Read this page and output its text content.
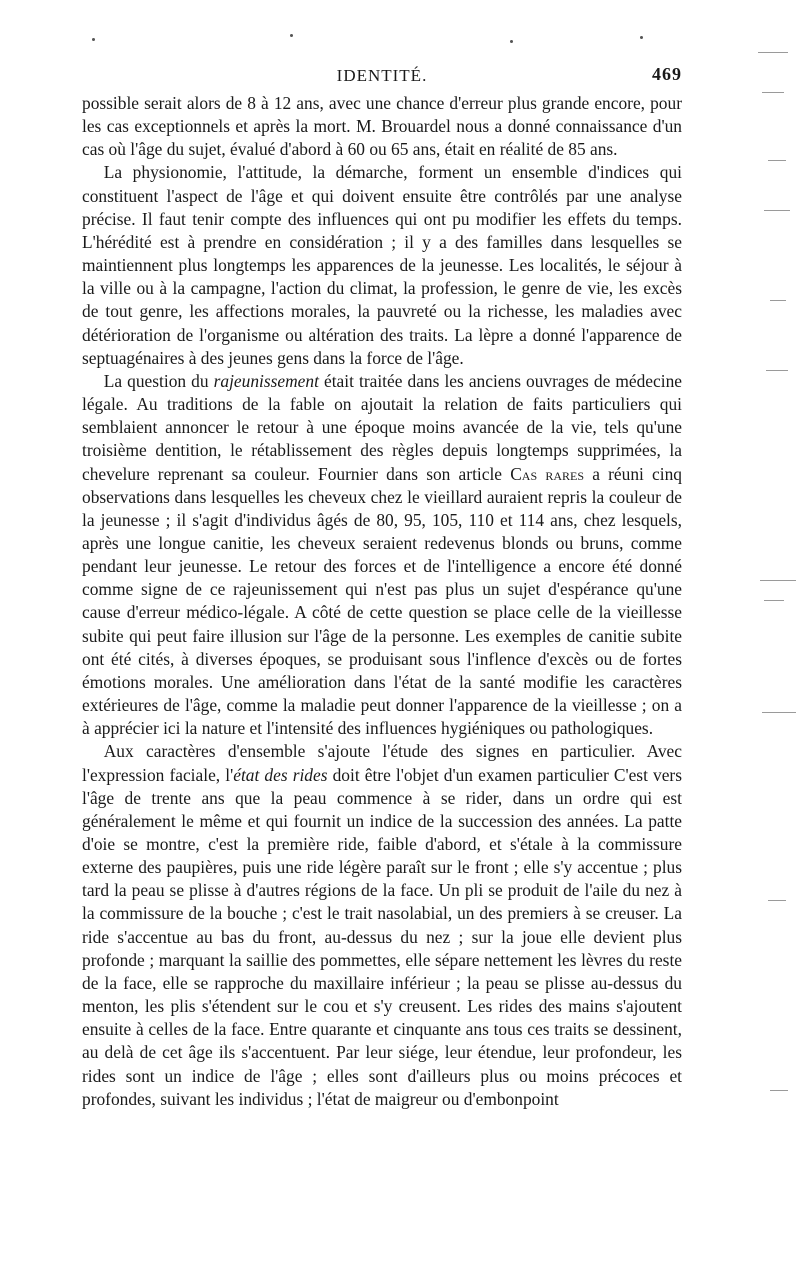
IDENTITÉ.	469

possible serait alors de 8 à 12 ans, avec une chance d'erreur plus grande encore, pour les cas exceptionnels et après la mort. M. Brouardel nous a donné connaissance d'un cas où l'âge du sujet, évalué d'abord à 60 ou 65 ans, était en réalité de 85 ans.

La physionomie, l'attitude, la démarche, forment un ensemble d'indices qui constituent l'aspect de l'âge et qui doivent ensuite être contrôlés par une analyse précise. Il faut tenir compte des influences qui ont pu modifier les effets du temps. L'hérédité est à prendre en considération ; il y a des familles dans lesquelles se maintiennent plus longtemps les apparences de la jeunesse. Les localités, le séjour à la ville ou à la campagne, l'action du climat, la profession, le genre de vie, les excès de tout genre, les affections morales, la pauvreté ou la richesse, les maladies avec détérioration de l'organisme ou altération des traits. La lèpre a donné l'apparence de septuagénaires à des jeunes gens dans la force de l'âge.

La question du rajeunissement était traitée dans les anciens ouvrages de médecine légale. Au traditions de la fable on ajoutait la relation de faits particuliers qui semblaient annoncer le retour à une époque moins avancée de la vie, tels qu'une troisième dentition, le rétablissement des règles depuis longtemps supprimées, la chevelure reprenant sa couleur. Fournier dans son article Cas rares a réuni cinq observations dans lesquelles les cheveux chez le vieillard auraient repris la couleur de la jeunesse ; il s'agit d'individus âgés de 80, 95, 105, 110 et 114 ans, chez lesquels, après une longue canitie, les cheveux seraient redevenus blonds ou bruns, comme pendant leur jeunesse. Le retour des forces et de l'intelligence a encore été donné comme signe de ce rajeunissement qui n'est pas plus un sujet d'espérance qu'une cause d'erreur médico-légale. A côté de cette question se place celle de la vieillesse subite qui peut faire illusion sur l'âge de la personne. Les exemples de canitie subite ont été cités, à diverses époques, se produisant sous l'inflence d'excès ou de fortes émotions morales. Une amélioration dans l'état de la santé modifie les caractères extérieures de l'âge, comme la maladie peut donner l'apparence de la vieillesse ; on a à apprécier ici la nature et l'intensité des influences hygiéniques ou pathologiques.

Aux caractères d'ensemble s'ajoute l'étude des signes en particulier. Avec l'expression faciale, l'état des rides doit être l'objet d'un examen particulier C'est vers l'âge de trente ans que la peau commence à se rider, dans un ordre qui est généralement le même et qui fournit un indice de la succession des années. La patte d'oie se montre, c'est la première ride, faible d'abord, et s'étale à la commissure externe des paupières, puis une ride légère paraît sur le front ; elle s'y accentue ; plus tard la peau se plisse à d'autres régions de la face. Un pli se produit de l'aile du nez à la commissure de la bouche ; c'est le trait nasolabial, un des premiers à se creuser. La ride s'accentue au bas du front, au-dessus du nez ; sur la joue elle devient plus profonde ; marquant la saillie des pommettes, elle sépare nettement les lèvres du reste de la face, elle se rapproche du maxillaire inférieur ; la peau se plisse au-dessus du menton, les plis s'étendent sur le cou et s'y creusent. Les rides des mains s'ajoutent ensuite à celles de la face. Entre quarante et cinquante ans tous ces traits se dessinent, au delà de cet âge ils s'accentuent. Par leur siége, leur étendue, leur profondeur, les rides sont un indice de l'âge ; elles sont d'ailleurs plus ou moins précoces et profondes, suivant les individus ; l'état de maigreur ou d'embonpoint
